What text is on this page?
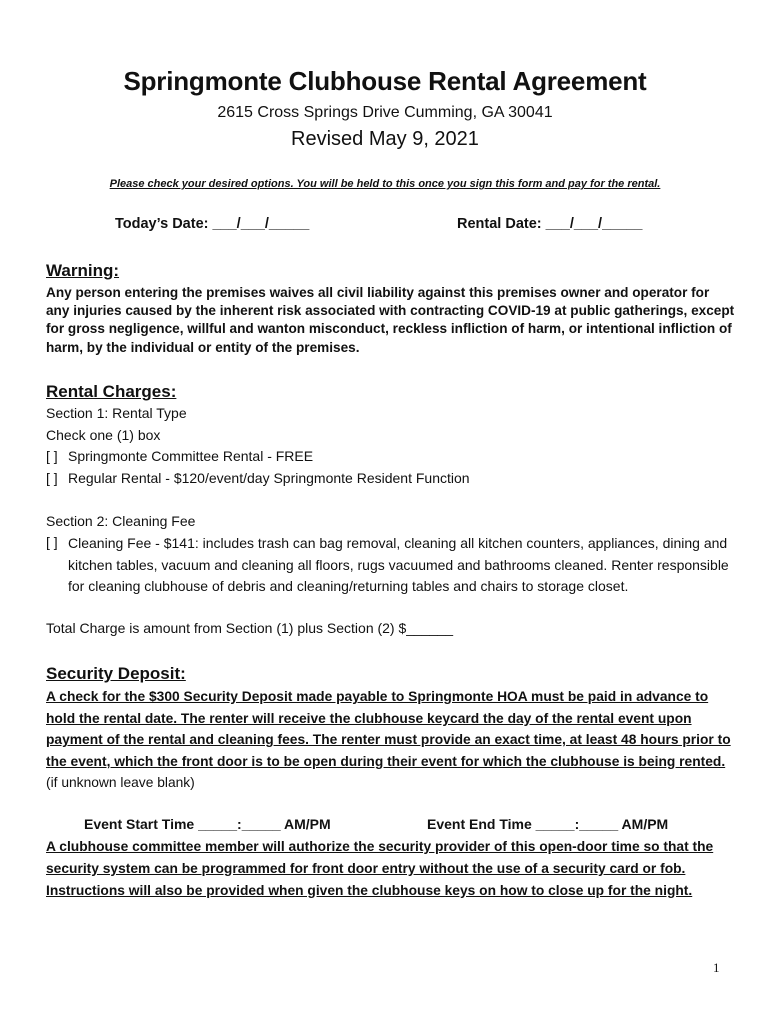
Springmonte Clubhouse Rental Agreement
2615 Cross Springs Drive Cumming, GA 30041
Revised May 9, 2021
Please check your desired options. You will be held to this once you sign this form and pay for the rental.
Today’s Date: ___/___/_____	Rental Date: ___/___/_____
Warning:
Any person entering the premises waives all civil liability against this premises owner and operator for any injuries caused by the inherent risk associated with contracting COVID-19 at public gatherings, except for gross negligence, willful and wanton misconduct, reckless infliction of harm, or intentional infliction of harm, by the individual or entity of the premises.
Rental Charges:
Section 1: Rental Type
Check one (1) box
[ ] Springmonte Committee Rental - FREE
[ ] Regular Rental - $120/event/day Springmonte Resident Function
Section 2: Cleaning Fee
[ ] Cleaning Fee - $141: includes trash can bag removal, cleaning all kitchen counters, appliances, dining and kitchen tables, vacuum and cleaning all floors, rugs vacuumed and bathrooms cleaned. Renter responsible for cleaning clubhouse of debris and cleaning/returning tables and chairs to storage closet.
Total Charge is amount from Section (1) plus Section (2) $______
Security Deposit:
A check for the $300 Security Deposit made payable to Springmonte HOA must be paid in advance to hold the rental date. The renter will receive the clubhouse keycard the day of the rental event upon payment of the rental and cleaning fees. The renter must provide an exact time, at least 48 hours prior to the event, which the front door is to be open during their event for which the clubhouse is being rented.  (if unknown leave blank)
Event Start Time _____:_____ AM/PM	Event End Time _____:_____ AM/PM
A clubhouse committee member will authorize the security provider of this open-door time so that the security system can be programmed for front door entry without the use of a security card or fob. Instructions will also be provided when given the clubhouse keys on how to close up for the night.
1
